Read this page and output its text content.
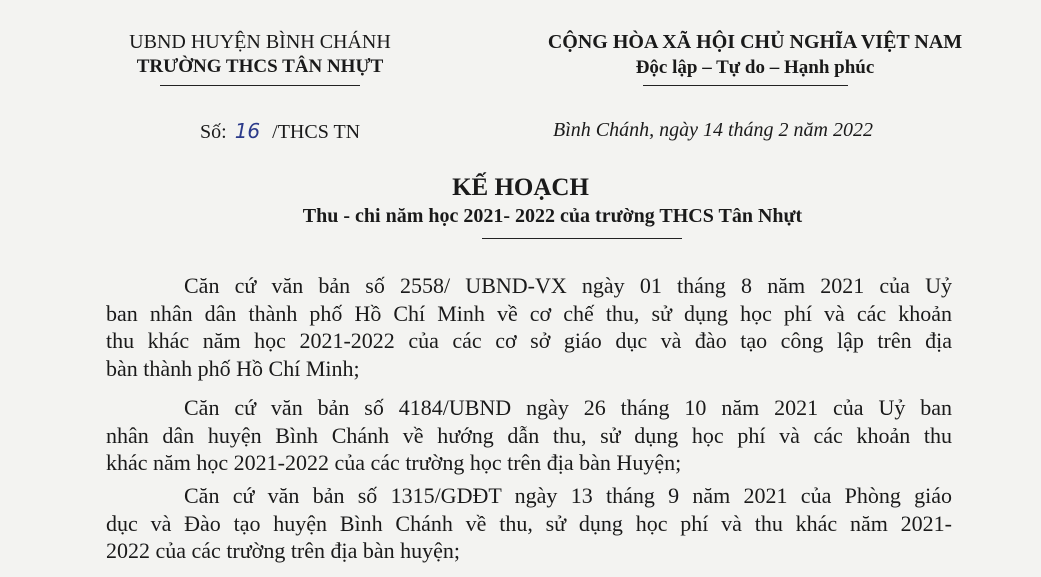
UBND HUYỆN BÌNH CHÁNH
TRƯỜNG THCS TÂN NHỰT
CỘNG HÒA XÃ HỘI CHỦ NGHĨA VIỆT NAM
Độc lập – Tự do – Hạnh phúc
Số: 16 /THCS TN	Bình Chánh, ngày 14 tháng 2 năm 2022
KẾ HOẠCH
Thu - chi năm học 2021- 2022 của trường THCS Tân Nhựt
Căn cứ văn bản số 2558/ UBND-VX ngày 01 tháng 8 năm 2021 của Uỷ
ban nhân dân thành phố Hồ Chí Minh về cơ chế thu, sử dụng học phí và các khoản
thu khác năm học 2021-2022 của các cơ sở giáo dục và đào tạo công lập trên địa
bàn thành phố Hồ Chí Minh;
Căn cứ văn bản số 4184/UBND ngày 26 tháng 10 năm 2021 của Uỷ ban
nhân dân huyện Bình Chánh về hướng dẫn thu, sử dụng học phí và các khoản thu
khác năm học 2021-2022 của các trường học trên địa bàn Huyện;
Căn cứ văn bản số 1315/GDĐT ngày 13 tháng 9 năm 2021 của Phòng giáo
dục và Đào tạo huyện Bình Chánh về thu, sử dụng học phí và thu khác năm 2021-
2022 của các trường trên địa bàn huyện;
